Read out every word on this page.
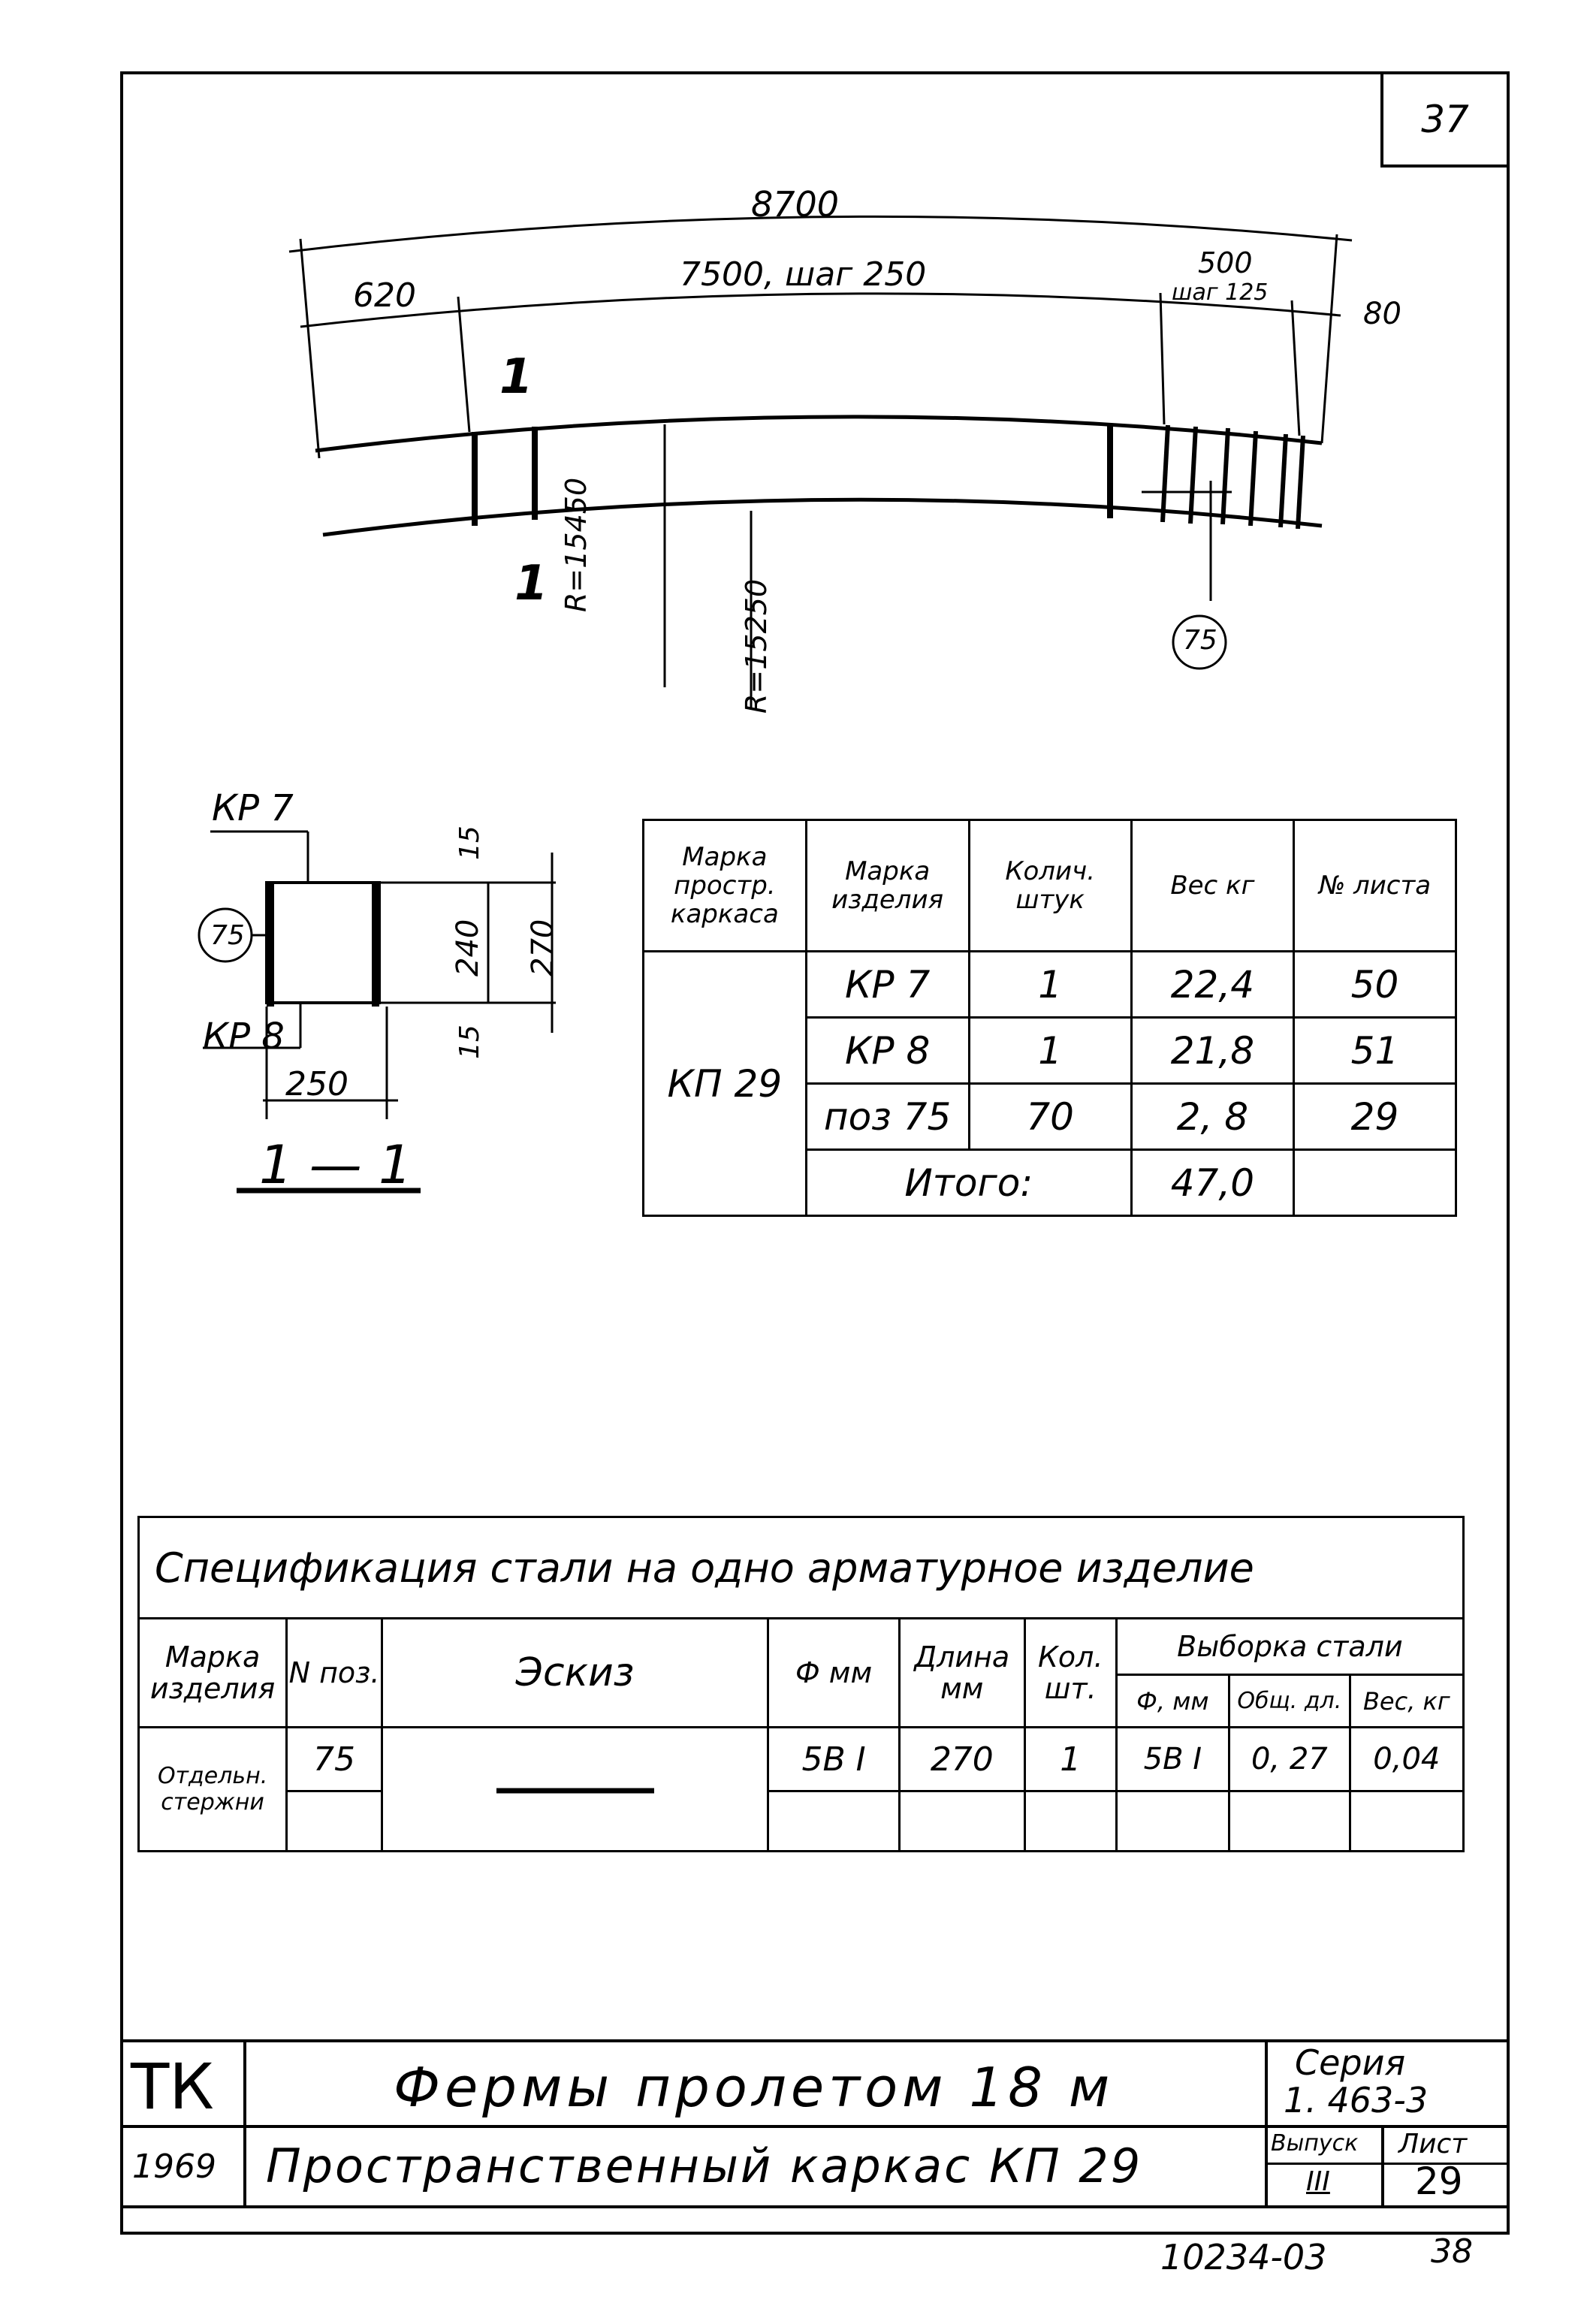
37
8700
620
7500, шаг 250	500
шаг 125
80
1
1 R=15450
R=15250	75
КР 7
КР 8
75
15
240 270
15
250
1 — 1
Марка простр. каркаса	Марка изделия	Колич. штук	Вес кг	№ листа
КП 29	КР 7	1	22,4	50
	КР 8	1	21,8	51
	поз 75	70	2, 8	29
	Итого:		47,0	
Спецификация стали на одно арматурное изделие								
Марка изделия	N поз.	Эскиз	Ф мм	Длина мм	Кол. шт.	Выборка стали		
						Ф, мм	Общ. дл.	Вес, кг
Отдельн. стержни	75		5В I	270	1	5В I	0, 27	0,04

ТК
1969
Фермы пролетом 18 м
Пространственный каркас КП 29
Серия
1. 463-3
Выпуск
III
Лист
29
10234-03	38
